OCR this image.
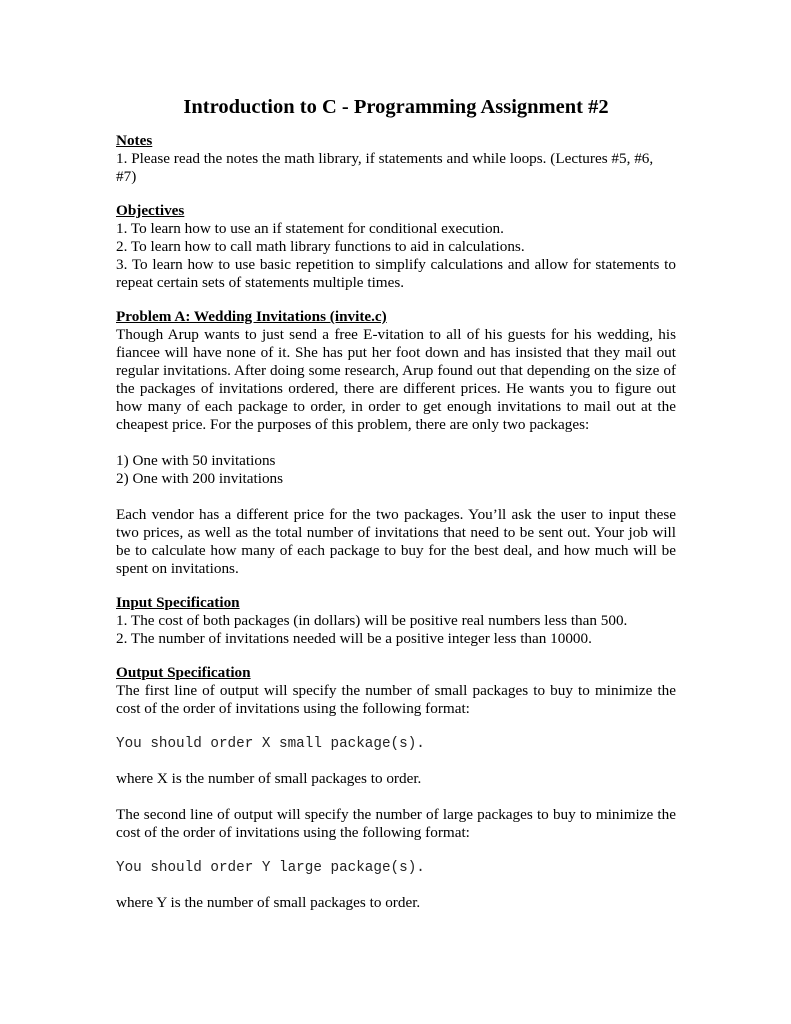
Introduction to C - Programming Assignment #2

Notes

1. Please read the notes the math library, if statements and while loops. (Lectures #5, #6, #7)

Objectives

1. To learn how to use an if statement for conditional execution.

2. To learn how to call math library functions to aid in calculations.

3. To learn how to use basic repetition to simplify calculations and allow for statements to repeat certain sets of statements multiple times.

Problem A: Wedding Invitations (invite.c)

Though Arup wants to just send a free E-vitation to all of his guests for his wedding, his fiancee will have none of it. She has put her foot down and has insisted that they mail out regular invitations. After doing some research, Arup found out that depending on the size of the packages of invitations ordered, there are different prices. He wants you to figure out how many of each package to order, in order to get enough invitations to mail out at the cheapest price. For the purposes of this problem, there are only two packages:

1) One with 50 invitations

2) One with 200 invitations

Each vendor has a different price for the two packages. You’ll ask the user to input these two prices, as well as the total number of invitations that need to be sent out. Your job will be to calculate how many of each package to buy for the best deal, and how much will be spent on invitations.

Input Specification

1. The cost of both packages (in dollars) will be positive real numbers less than 500.

2. The number of invitations needed will be a positive integer less than 10000.

Output Specification

The first line of output will specify the number of small packages to buy to minimize the cost of the order of invitations using the following format:

You should order X small package(s).

where X is the number of small packages to order.

The second line of output will specify the number of large packages to buy to minimize the cost of the order of invitations using the following format:

You should order Y large package(s).

where Y is the number of small packages to order.
